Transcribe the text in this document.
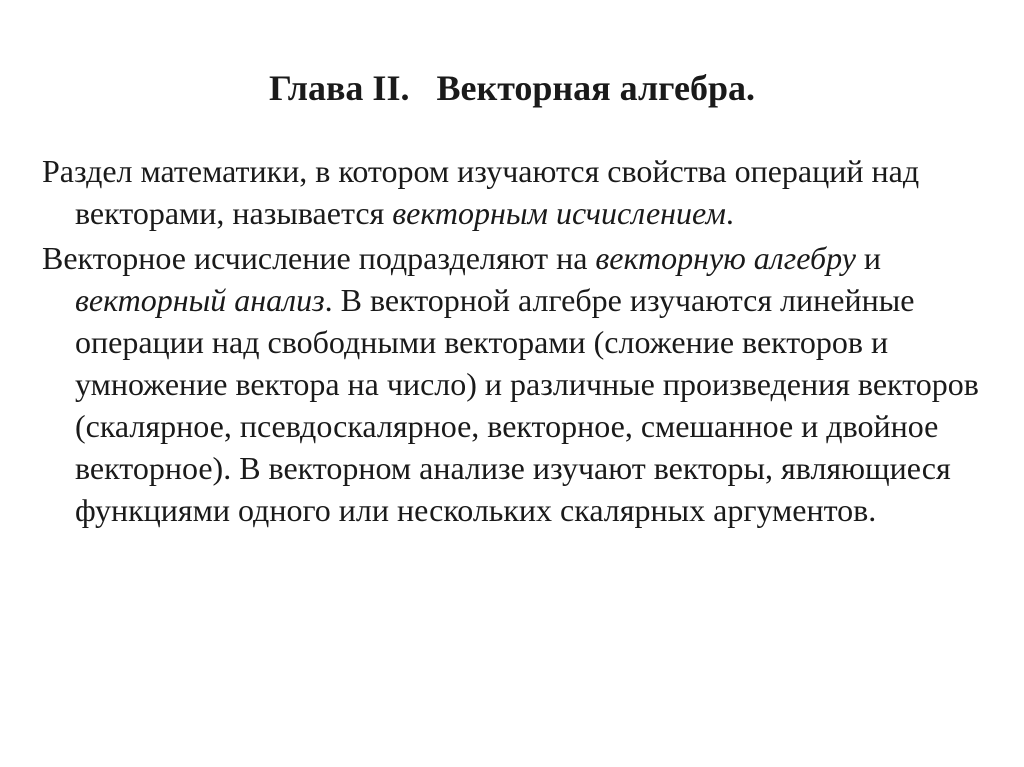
Глава II.   Векторная алгебра.

Раздел математики, в котором изучаются свойства операций над векторами, называется векторным исчислением.

Векторное исчисление подразделяют на векторную алгебру и векторный анализ. В векторной алгебре изучаются линейные операции над свободными векторами (сложение векторов и умножение вектора на число) и различные произведения векторов (скалярное, псевдоскалярное, векторное, смешанное и двойное векторное). В векторном анализе изучают векторы, являющиеся функциями одного или нескольких скалярных аргументов.
